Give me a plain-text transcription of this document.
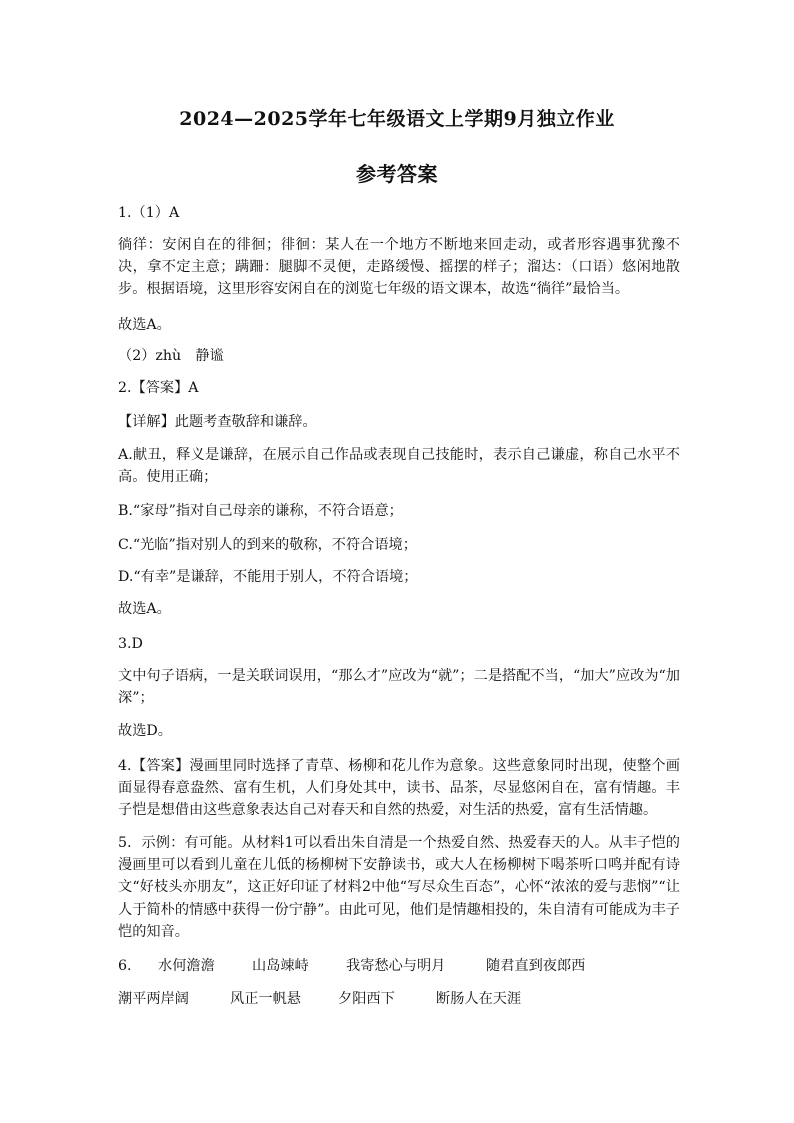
2024—2025学年七年级语文上学期9月独立作业
参考答案
1.（1）A
徜徉：安闲自在的徘徊；徘徊：某人在一个地方不断地来回走动，或者形容遇事犹豫不决，拿不定主意；蹒跚：腿脚不灵便，走路缓慢、摇摆的样子；溜达：（口语）悠闲地散步。根据语境，这里形容安闲自在的浏览七年级的语文课本，故选“徜徉”最恰当。
故选A。
（2）zhù　静谧
2.【答案】A
【详解】此题考查敬辞和谦辞。
A.献丑，释义是谦辞，在展示自己作品或表现自己技能时，表示自己谦虚，称自己水平不高。使用正确；
B.“家母”指对自己母亲的谦称，不符合语意；
C.“光临”指对别人的到来的敬称，不符合语境；
D.“有幸”是谦辞，不能用于别人，不符合语境；
故选A。
3.D
文中句子语病，一是关联词误用，“那么才”应改为“就”；二是搭配不当，“加大”应改为“加深”；
故选D。
4.【答案】漫画里同时选择了青草、杨柳和花儿作为意象。这些意象同时出现，使整个画面显得春意盎然、富有生机，人们身处其中，读书、品茶，尽显悠闲自在，富有情趣。丰子恺是想借由这些意象表达自己对春天和自然的热爱，对生活的热爱，富有生活情趣。
5．示例：有可能。从材料1可以看出朱自清是一个热爱自然、热爱春天的人。从丰子恺的漫画里可以看到儿童在儿低的杨柳树下安静读书，或大人在杨柳树下喝茶听口鸣并配有诗文“好枝头亦朋友”，这正好印证了材料2中他“写尽众生百态”，心怀“浓浓的爱与悲悯”“让人于简朴的情感中获得一份宁静”。由此可见，他们是情趣相投的，朱自清有可能成为丰子恺的知音。
6. 水何澹澹	山岛竦峙	我寄愁心与明月	随君直到夜郎西
潮平两岸阔	风正一帆悬	夕阳西下	断肠人在天涯
